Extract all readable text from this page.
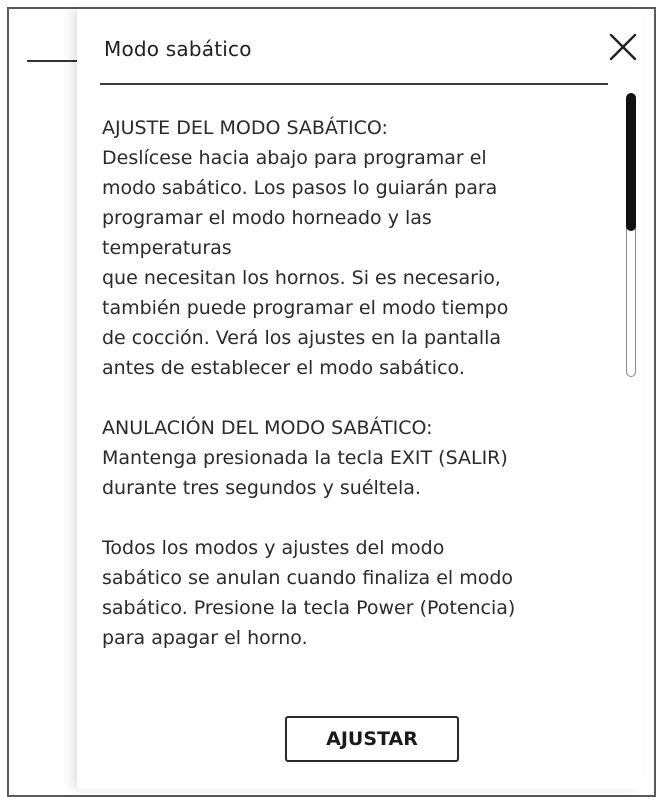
Modo sabático

AJUSTE DEL MODO SABÁTICO:

Deslícese hacia abajo para programar el
modo sabático. Los pasos lo guiarán para
programar el modo horneado y las
temperaturas
que necesitan los hornos. Si es necesario,
también puede programar el modo tiempo
de cocción. Verá los ajustes en la pantalla
antes de establecer el modo sabático.

ANULACIÓN DEL MODO SABÁTICO:

Mantenga presionada la tecla EXIT (SALIR)
durante tres segundos y suéltela.

Todos los modos y ajustes del modo
sabático se anulan cuando finaliza el modo
sabático. Presione la tecla Power (Potencia)
para apagar el horno.

AJUSTAR
